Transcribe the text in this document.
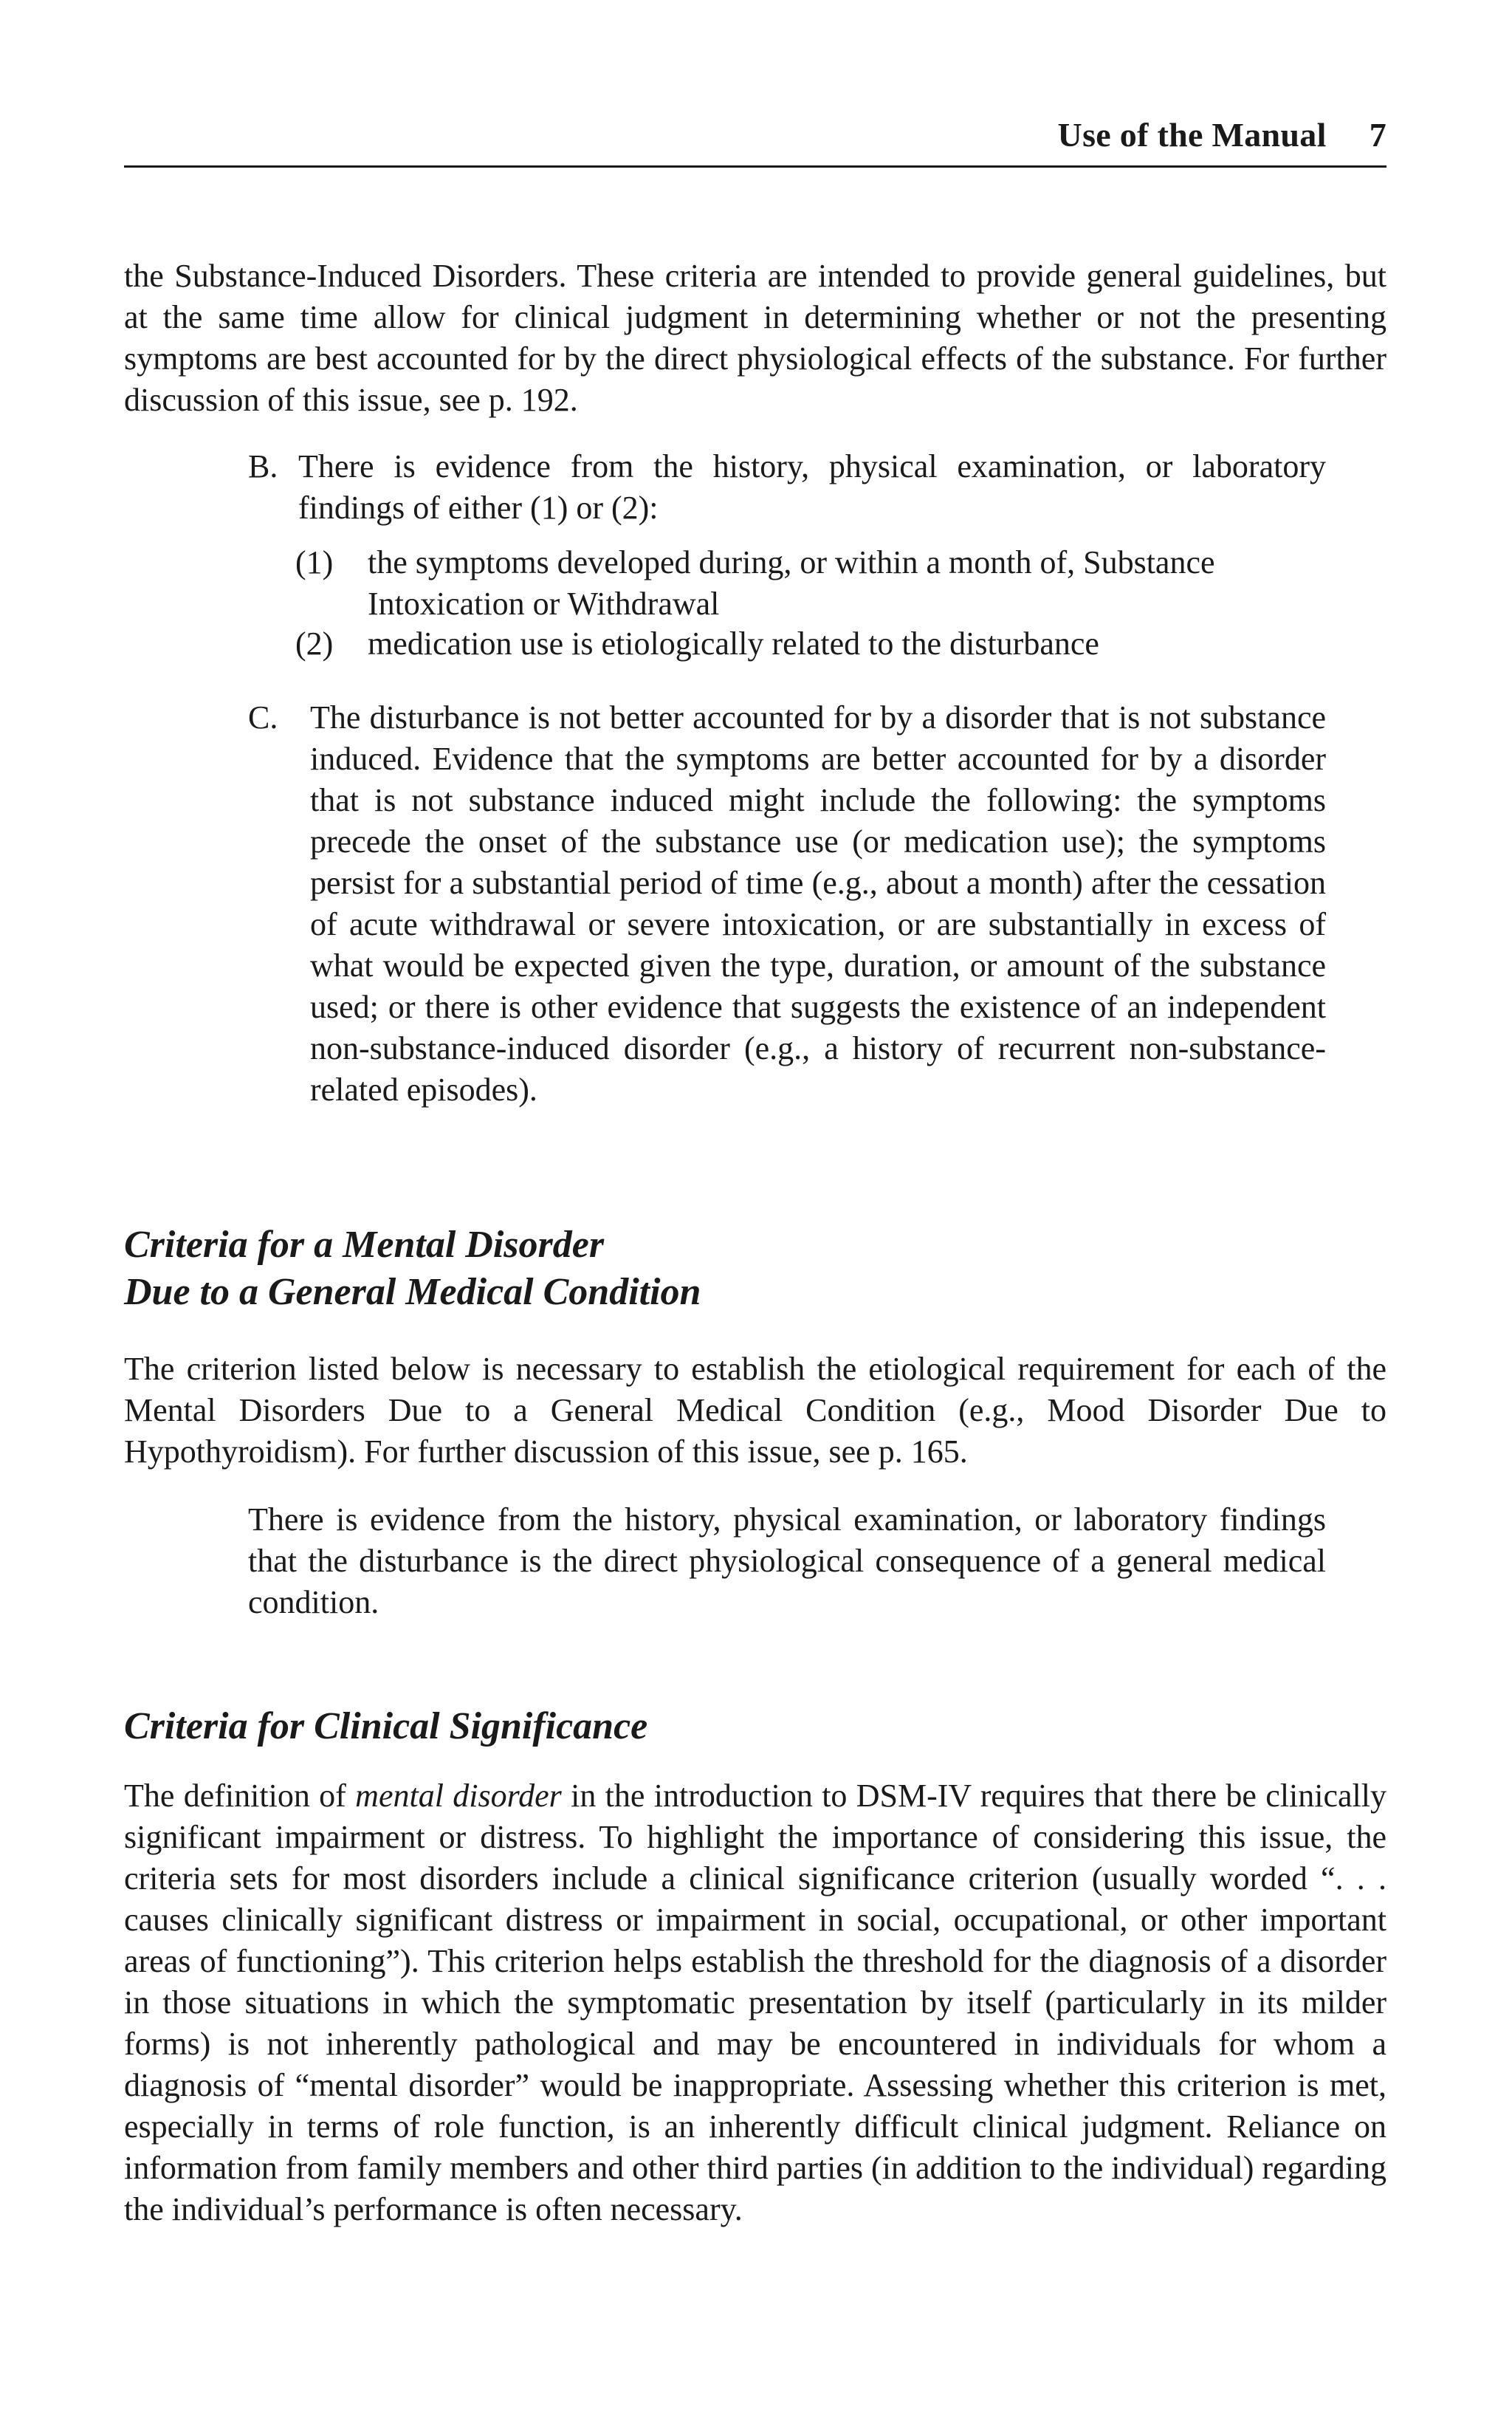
Use of the Manual 7

the Substance-Induced Disorders. These criteria are intended to provide general guidelines, but at the same time allow for clinical judgment in determining whether or not the presenting symptoms are best accounted for by the direct physiological effects of the substance. For further discussion of this issue, see p. 192.

B. There is evidence from the history, physical examination, or laboratory findings of either (1) or (2):
(1) the symptoms developed during, or within a month of, Substance Intoxication or Withdrawal
(2) medication use is etiologically related to the disturbance
C. The disturbance is not better accounted for by a disorder that is not substance induced. Evidence that the symptoms are better accounted for by a disorder that is not substance induced might include the following: the symptoms precede the onset of the substance use (or medication use); the symptoms persist for a substantial period of time (e.g., about a month) after the cessation of acute withdrawal or severe intoxication, or are substantially in excess of what would be expected given the type, duration, or amount of the substance used; or there is other evidence that suggests the existence of an independent non-substance-induced disorder (e.g., a history of recurrent non-substance-related episodes).
Criteria for a Mental Disorder
Due to a General Medical Condition

The criterion listed below is necessary to establish the etiological requirement for each of the Mental Disorders Due to a General Medical Condition (e.g., Mood Disorder Due to Hypothyroidism). For further discussion of this issue, see p. 165.

There is evidence from the history, physical examination, or laboratory findings that the disturbance is the direct physiological consequence of a general medical condition.

Criteria for Clinical Significance

The definition of mental disorder in the introduction to DSM-IV requires that there be clinically significant impairment or distress. To highlight the importance of considering this issue, the criteria sets for most disorders include a clinical significance criterion (usually worded “. . . causes clinically significant distress or impairment in social, occupational, or other important areas of functioning”). This criterion helps establish the threshold for the diagnosis of a disorder in those situations in which the symptomatic presentation by itself (particularly in its milder forms) is not inherently pathological and may be encountered in individuals for whom a diagnosis of “mental disorder” would be inappropriate. Assessing whether this criterion is met, especially in terms of role function, is an inherently difficult clinical judgment. Reliance on information from family members and other third parties (in addition to the individual) regarding the individual’s performance is often necessary.
